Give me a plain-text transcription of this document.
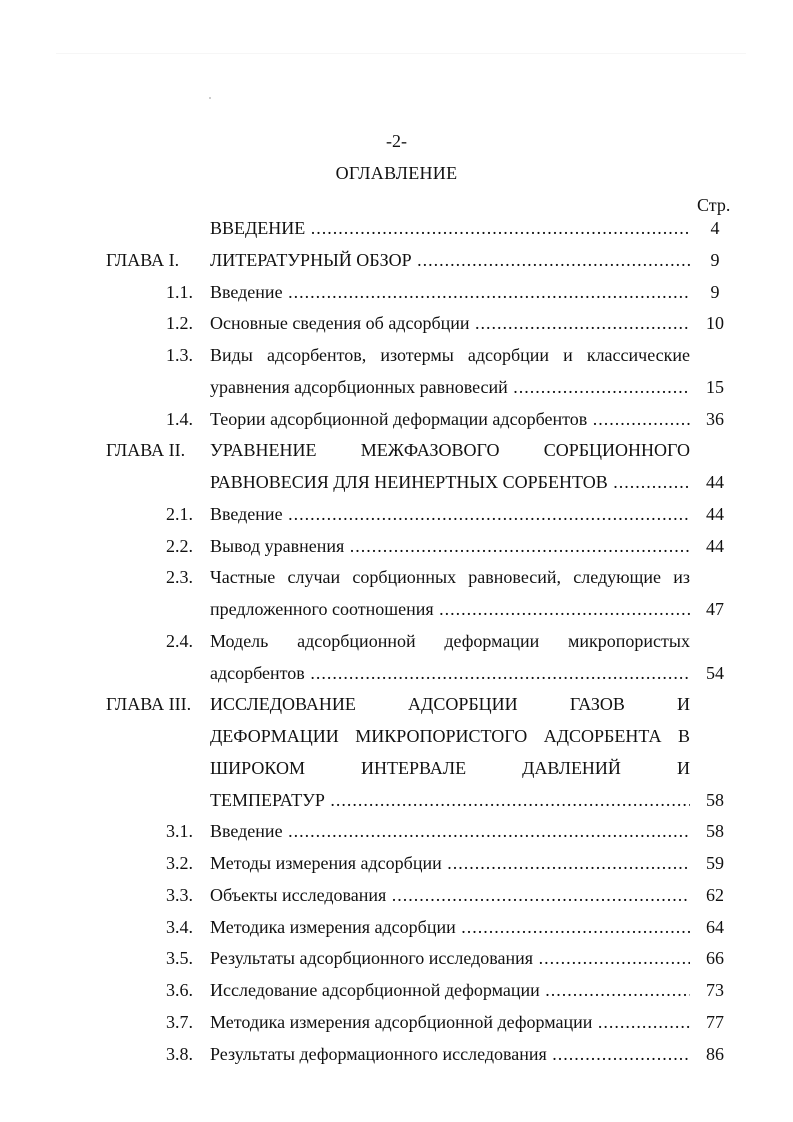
-2-
ОГЛАВЛЕНИЕ
Стр.
ВВЕДЕНИЕ .....	4
ГЛАВА I. ЛИТЕРАТУРНЫЙ ОБЗОР .....	9
1.1. Введение .....	9
1.2. Основные сведения об адсорбции .....	10
1.3. Виды адсорбентов, изотермы адсорбции и классические
уравнения адсорбционных равновесий .....	15
1.4. Теории адсорбционной деформации адсорбентов .....	36
ГЛАВА II. УРАВНЕНИЕ МЕЖФАЗОВОГО СОРБЦИОННОГО
РАВНОВЕСИЯ ДЛЯ НЕИНЕРТНЫХ СОРБЕНТОВ .....	44
2.1. Введение .....	44
2.2. Вывод уравнения .....	44
2.3. Частные случаи сорбционных равновесий, следующие из
предложенного соотношения .....	47
2.4. Модель адсорбционной деформации микропористых
адсорбентов .....	54
ГЛАВА III. ИССЛЕДОВАНИЕ АДСОРБЦИИ ГАЗОВ И
ДЕФОРМАЦИИ МИКРОПОРИСТОГО АДСОРБЕНТА В
ШИРОКОМ ИНТЕРВАЛЕ ДАВЛЕНИЙ И
ТЕМПЕРАТУР .....	58
3.1. Введение .....	58
3.2. Методы измерения адсорбции .....	59
3.3. Объекты исследования .....	62
3.4. Методика измерения адсорбции .....	64
3.5. Результаты адсорбционного исследования .....	66
3.6. Исследование адсорбционной деформации .....	73
3.7. Методика измерения адсорбционной деформации .....	77
3.8. Результаты деформационного исследования .....	86
